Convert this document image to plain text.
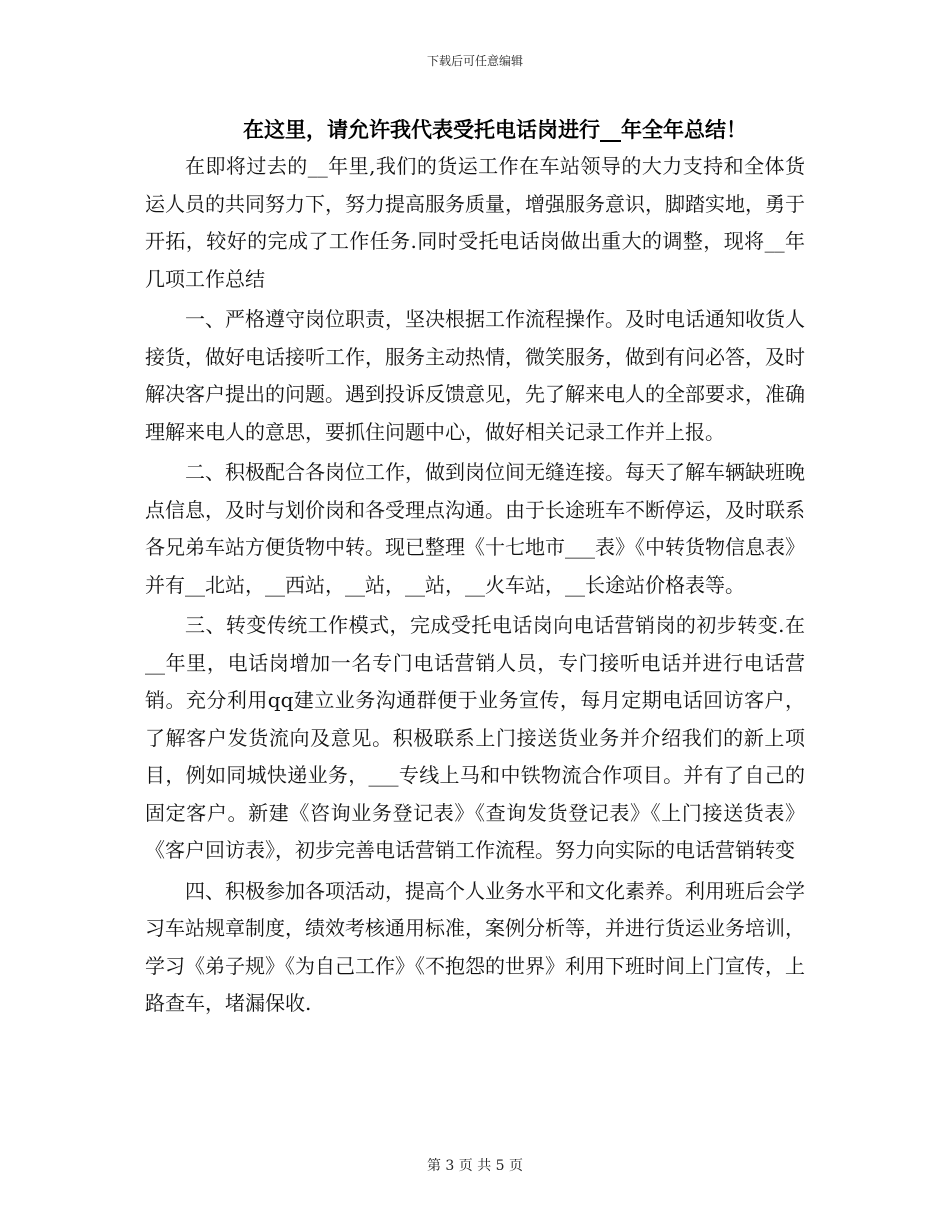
下载后可任意编辑
在这里，请允许我代表受托电话岗进行__年全年总结！

在即将过去的__年里,我们的货运工作在车站领导的大力支持和全体货运人员的共同努力下，努力提高服务质量，增强服务意识，脚踏实地，勇于开拓，较好的完成了工作任务.同时受托电话岗做出重大的调整，现将__年几项工作总结

一、严格遵守岗位职责，坚决根据工作流程操作。及时电话通知收货人接货，做好电话接听工作，服务主动热情，微笑服务，做到有问必答，及时解决客户提出的问题。遇到投诉反馈意见，先了解来电人的全部要求，准确理解来电人的意思，要抓住问题中心，做好相关记录工作并上报。

二、积极配合各岗位工作，做到岗位间无缝连接。每天了解车辆缺班晚点信息，及时与划价岗和各受理点沟通。由于长途班车不断停运，及时联系各兄弟车站方便货物中转。现已整理《十七地市___表》《中转货物信息表》并有__北站，__西站，__站，__站，__火车站，__长途站价格表等。

三、转变传统工作模式，完成受托电话岗向电话营销岗的初步转变.在__年里，电话岗增加一名专门电话营销人员，专门接听电话并进行电话营销。充分利用qq建立业务沟通群便于业务宣传，每月定期电话回访客户，了解客户发货流向及意见。积极联系上门接送货业务并介绍我们的新上项目，例如同城快递业务，___专线上马和中铁物流合作项目。并有了自己的固定客户。新建《咨询业务登记表》《查询发货登记表》《上门接送货表》《客户回访表》，初步完善电话营销工作流程。努力向实际的电话营销转变

四、积极参加各项活动，提高个人业务水平和文化素养。利用班后会学习车站规章制度，绩效考核通用标准，案例分析等，并进行货运业务培训，学习《弟子规》《为自己工作》《不抱怨的世界》利用下班时间上门宣传，上路查车，堵漏保收.

第 3 页 共 5 页
